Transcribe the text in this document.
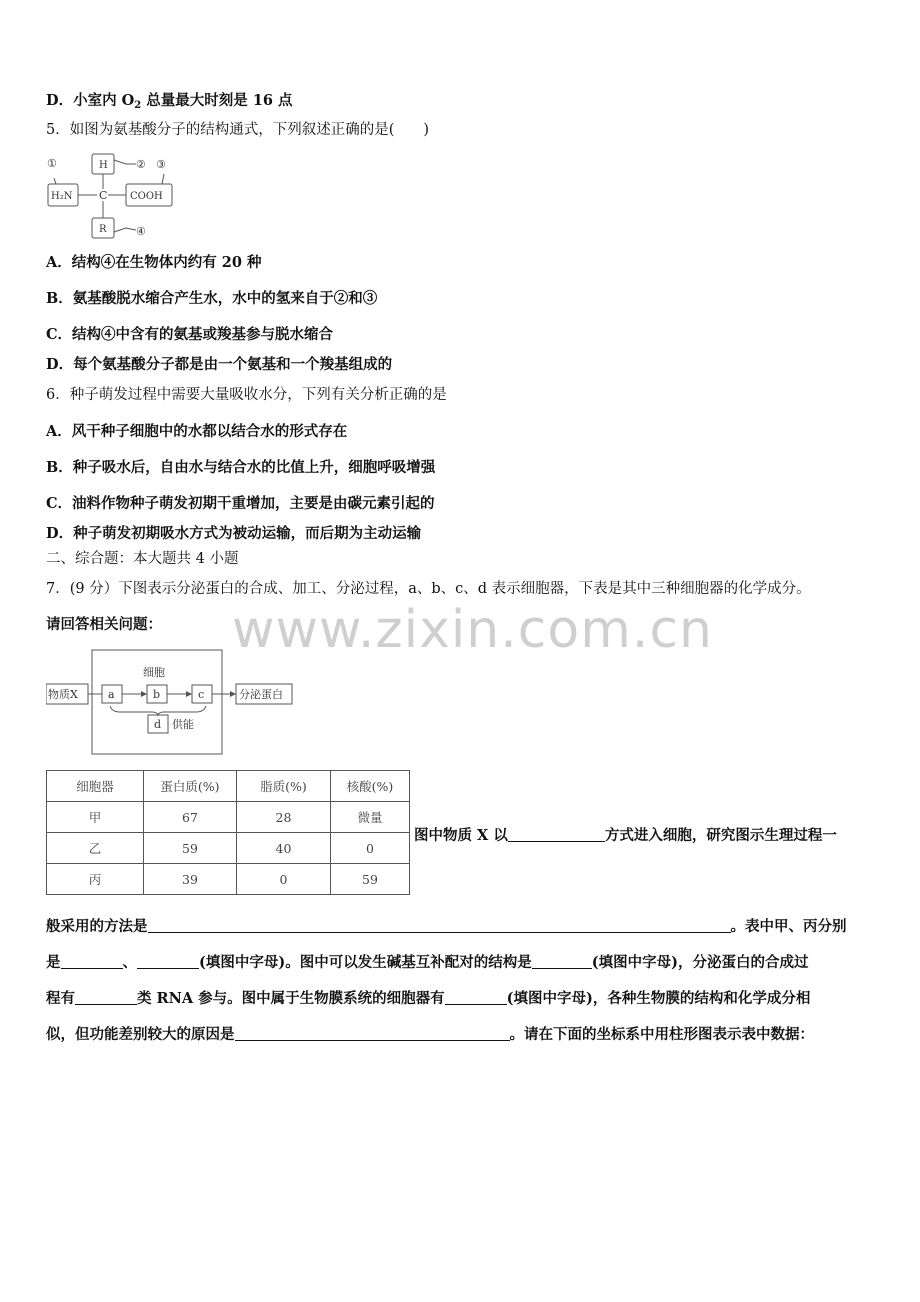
www.zixin.com.cn
D．小室内 $O_2$ 总量最大时刻是 16 点
5．如图为氨基酸分子的结构通式，下列叙述正确的是(　　)
①	② ③
④
H₂N
H
C COOH
R
A．结构④在生物体内约有 20 种
B．氨基酸脱水缩合产生水，水中的氢来自于②和③
C．结构④中含有的氨基或羧基参与脱水缩合
D．每个氨基酸分子都是由一个氨基和一个羧基组成的
6．种子萌发过程中需要大量吸收水分，下列有关分析正确的是
A．风干种子细胞中的水都以结合水的形式存在
B．种子吸水后，自由水与结合水的比值上升，细胞呼吸增强
C．油料作物种子萌发初期干重增加，主要是由碳元素引起的
D．种子萌发初期吸水方式为被动运输，而后期为主动运输
二、综合题：本大题共 4 小题
7．(9 分）下图表示分泌蛋白的合成、加工、分泌过程，a、b、c、d 表示细胞器，下表是其中三种细胞器的化学成分。
请回答相关问题：
细胞
物质X	a	b	c
d 供能
分泌蛋白
细胞器	蛋白质(%)	脂质(%)	核酸(%)
甲	67	28	微量
乙	59	40	0
丙	39	0	59
图中物质 X 以	方式进入细胞，研究图示生理过程一
般采用的方法是	。表中甲、丙分别
是	、	(填图中字母)。图中可以发生碱基互补配对的结构是	(填图中字母)，分泌蛋白的合成过
程有	类 RNA 参与。图中属于生物膜系统的细胞器有	(填图中字母)，各种生物膜的结构和化学成分相
似，但功能差别较大的原因是	。请在下面的坐标系中用柱形图表示表中数据：
